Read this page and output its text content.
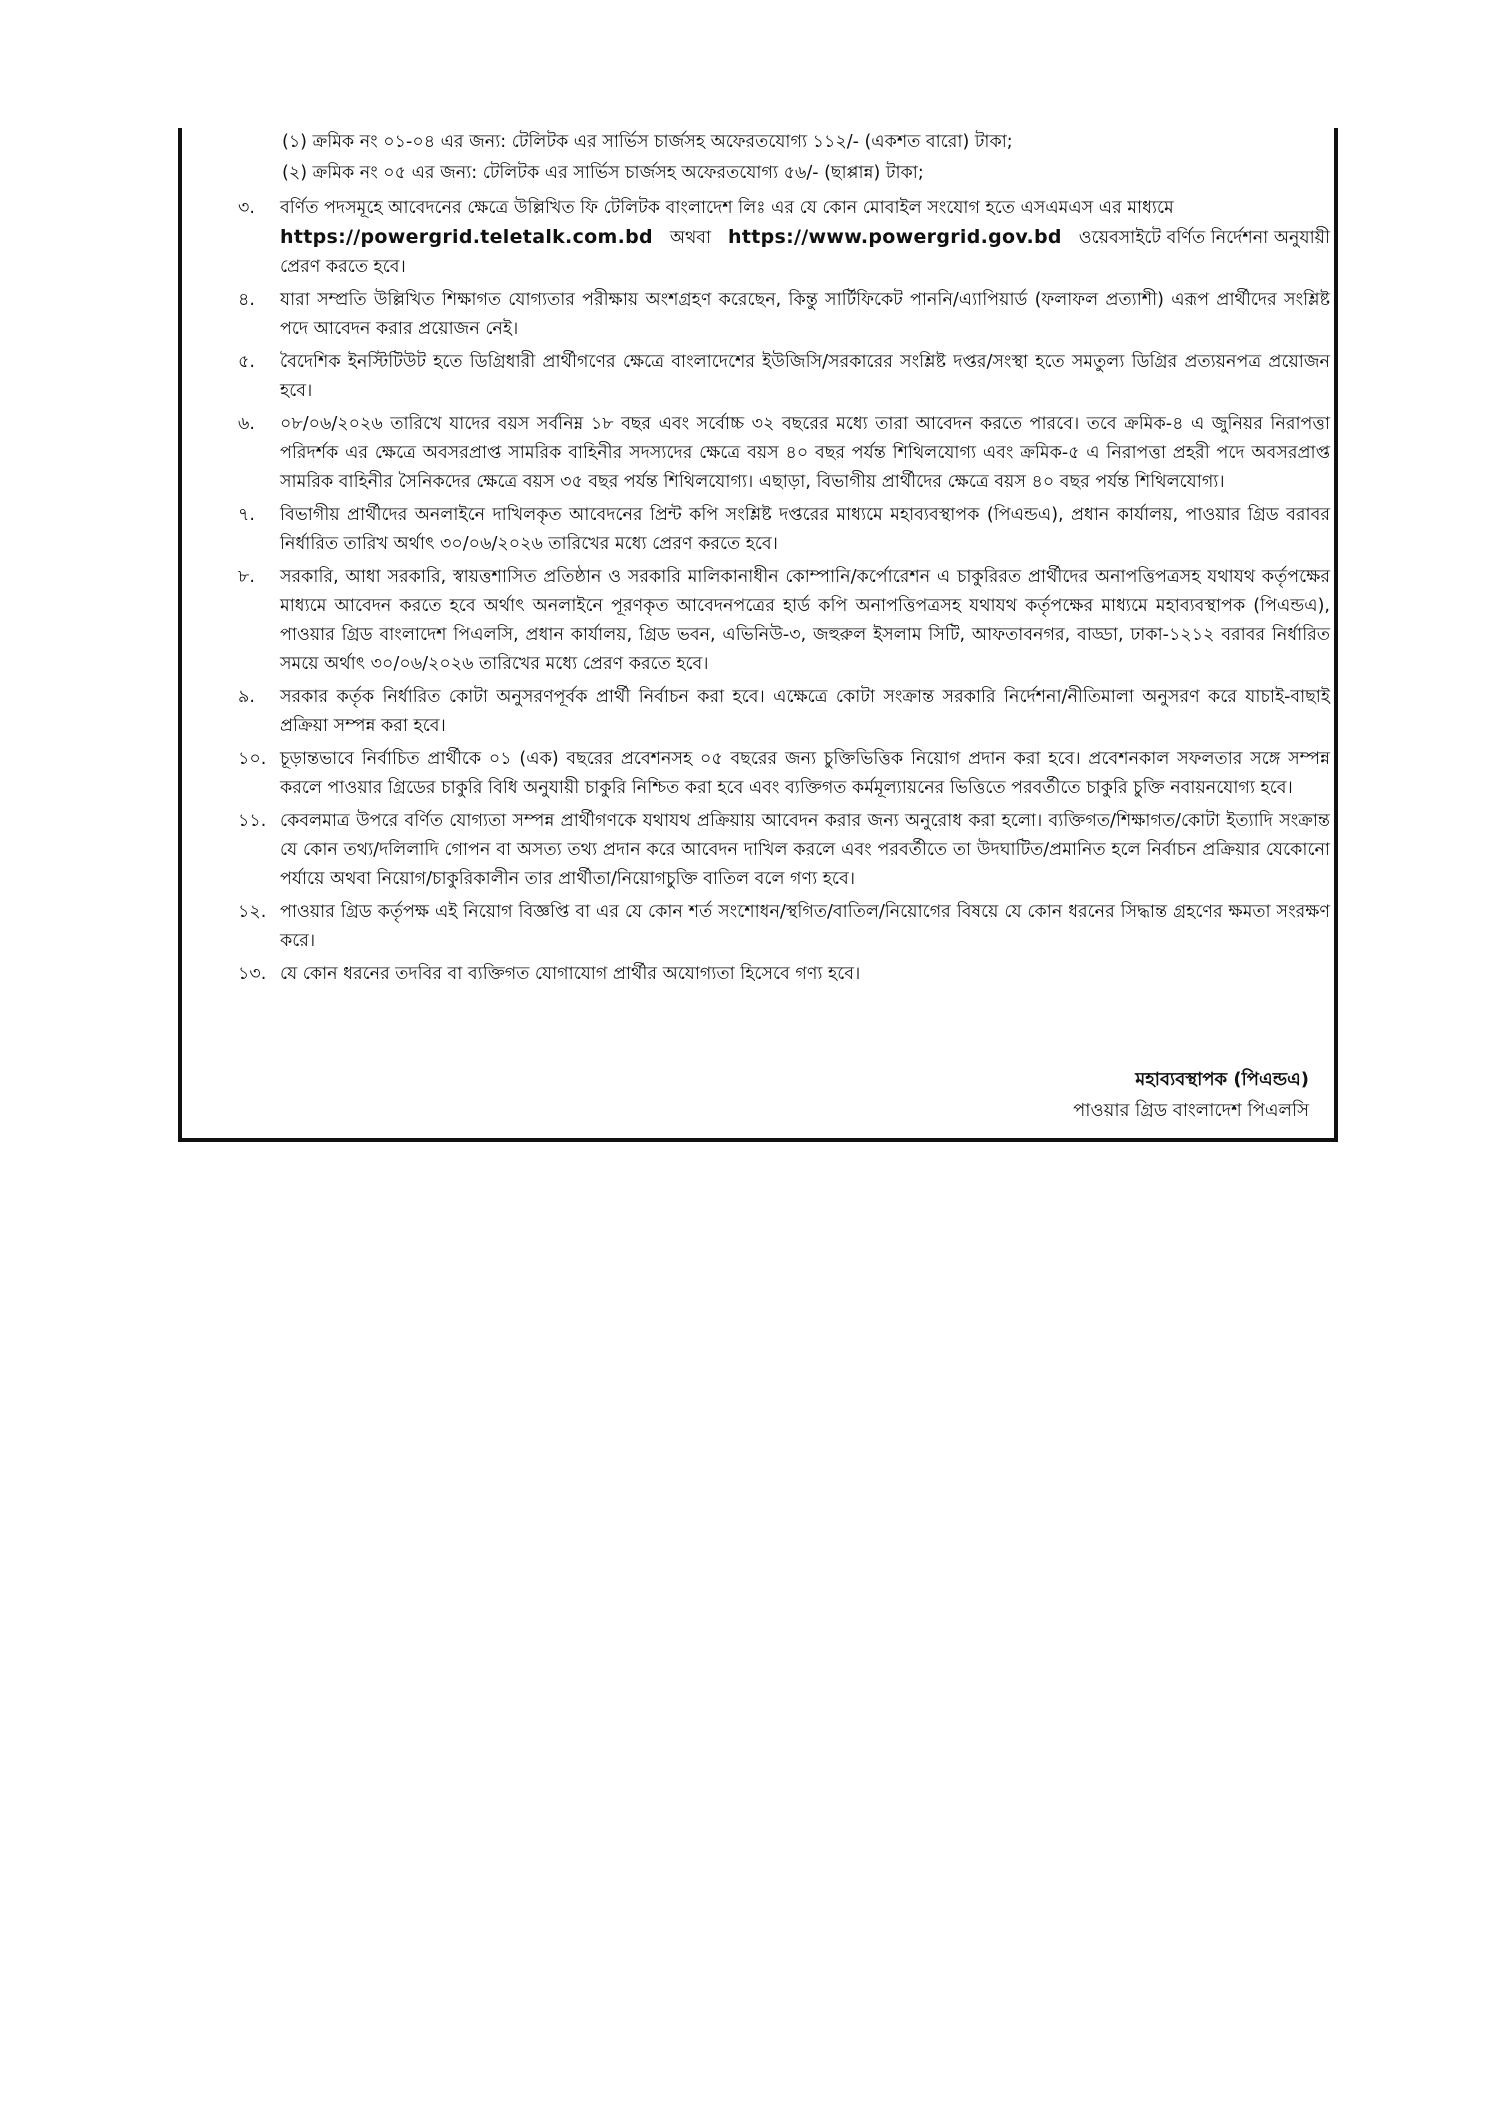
(১) ক্রমিক নং ০১-০৪ এর জন্য: টেলিটক এর সার্ভিস চার্জসহ অফেরতযোগ্য ১১২/- (একশত বারো) টাকা;
(২) ক্রমিক নং ০৫ এর জন্য: টেলিটক এর সার্ভিস চার্জসহ অফেরতযোগ্য ৫৬/- (ছাপ্পান্ন) টাকা;
৩.	বর্ণিত পদসমূহে আবেদনের ক্ষেত্রে উল্লিখিত ফি টেলিটক বাংলাদেশ লিঃ এর যে কোন মোবাইল সংযোগ হতে এসএমএস এর মাধ্যমে
https://powergrid.teletalk.com.bd অথবা https://www.powergrid.gov.bd ওয়েবসাইটে বর্ণিত নির্দেশনা অনুযায়ী প্রেরণ করতে হবে।
৪.	যারা সম্প্রতি উল্লিখিত শিক্ষাগত যোগ্যতার পরীক্ষায় অংশগ্রহণ করেছেন, কিন্তু সার্টিফিকেট পাননি/এ্যাপিয়ার্ড (ফলাফল প্রত্যাশী) এরূপ প্রার্থীদের সংশ্লিষ্ট পদে আবেদন করার প্রয়োজন নেই।
৫.	বৈদেশিক ইনস্টিটিউট হতে ডিগ্রিধারী প্রার্থীগণের ক্ষেত্রে বাংলাদেশের ইউজিসি/সরকারের সংশ্লিষ্ট দপ্তর/সংস্থা হতে সমতুল্য ডিগ্রির প্রত্যয়নপত্র প্রয়োজন হবে।
৬.	০৮/০৬/২০২৬ তারিখে যাদের বয়স সর্বনিম্ন ১৮ বছর এবং সর্বোচ্চ ৩২ বছরের মধ্যে তারা আবেদন করতে পারবে। তবে ক্রমিক-৪ এ জুনিয়র নিরাপত্তা পরিদর্শক এর ক্ষেত্রে অবসরপ্রাপ্ত সামরিক বাহিনীর সদস্যদের ক্ষেত্রে বয়স ৪০ বছর পর্যন্ত শিথিলযোগ্য এবং ক্রমিক-৫ এ নিরাপত্তা প্রহরী পদে অবসরপ্রাপ্ত সামরিক বাহিনীর সৈনিকদের ক্ষেত্রে বয়স ৩৫ বছর পর্যন্ত শিথিলযোগ্য। এছাড়া, বিভাগীয় প্রার্থীদের ক্ষেত্রে বয়স ৪০ বছর পর্যন্ত শিথিলযোগ্য।
৭.	বিভাগীয় প্রার্থীদের অনলাইনে দাখিলকৃত আবেদনের প্রিন্ট কপি সংশ্লিষ্ট দপ্তরের মাধ্যমে মহাব্যবস্থাপক (পিএন্ডএ), প্রধান কার্যালয়, পাওয়ার গ্রিড বরাবর নির্ধারিত তারিখ অর্থাৎ ৩০/০৬/২০২৬ তারিখের মধ্যে প্রেরণ করতে হবে।
৮.	সরকারি, আধা সরকারি, স্বায়ত্তশাসিত প্রতিষ্ঠান ও সরকারি মালিকানাধীন কোম্পানি/কর্পোরেশন এ চাকুরিরত প্রার্থীদের অনাপত্তিপত্রসহ যথাযথ কর্তৃপক্ষের মাধ্যমে আবেদন করতে হবে অর্থাৎ অনলাইনে পূরণকৃত আবেদনপত্রের হার্ড কপি অনাপত্তিপত্রসহ যথাযথ কর্তৃপক্ষের মাধ্যমে মহাব্যবস্থাপক (পিএন্ডএ), পাওয়ার গ্রিড বাংলাদেশ পিএলসি, প্রধান কার্যালয়, গ্রিড ভবন, এভিনিউ-৩, জহুরুল ইসলাম সিটি, আফতাবনগর, বাড্ডা, ঢাকা-১২১২ বরাবর নির্ধারিত সময়ে অর্থাৎ ৩০/০৬/২০২৬ তারিখের মধ্যে প্রেরণ করতে হবে।
৯.	সরকার কর্তৃক নির্ধারিত কোটা অনুসরণপূর্বক প্রার্থী নির্বাচন করা হবে। এক্ষেত্রে কোটা সংক্রান্ত সরকারি নির্দেশনা/নীতিমালা অনুসরণ করে যাচাই-বাছাই প্রক্রিয়া সম্পন্ন করা হবে।
১০. চূড়ান্তভাবে নির্বাচিত প্রার্থীকে ০১ (এক) বছরের প্রবেশনসহ ০৫ বছরের জন্য চুক্তিভিত্তিক নিয়োগ প্রদান করা হবে। প্রবেশনকাল সফলতার সঙ্গে সম্পন্ন করলে পাওয়ার গ্রিডের চাকুরি বিধি অনুযায়ী চাকুরি নিশ্চিত করা হবে এবং ব্যক্তিগত কর্মমূল্যায়নের ভিত্তিতে পরবর্তীতে চাকুরি চুক্তি নবায়নযোগ্য হবে।
১১. কেবলমাত্র উপরে বর্ণিত যোগ্যতা সম্পন্ন প্রার্থীগণকে যথাযথ প্রক্রিয়ায় আবেদন করার জন্য অনুরোধ করা হলো। ব্যক্তিগত/শিক্ষাগত/কোটা ইত্যাদি সংক্রান্ত যে কোন তথ্য/দলিলাদি গোপন বা অসত্য তথ্য প্রদান করে আবেদন দাখিল করলে এবং পরবর্তীতে তা উদঘাটিত/প্রমানিত হলে নির্বাচন প্রক্রিয়ার যেকোনো পর্যায়ে অথবা নিয়োগ/চাকুরিকালীন তার প্রার্থীতা/নিয়োগচুক্তি বাতিল বলে গণ্য হবে।
১২. পাওয়ার গ্রিড কর্তৃপক্ষ এই নিয়োগ বিজ্ঞপ্তি বা এর যে কোন শর্ত সংশোধন/স্থগিত/বাতিল/নিয়োগের বিষয়ে যে কোন ধরনের সিদ্ধান্ত গ্রহণের ক্ষমতা সংরক্ষণ করে।
১৩. যে কোন ধরনের তদবির বা ব্যক্তিগত যোগাযোগ প্রার্থীর অযোগ্যতা হিসেবে গণ্য হবে।
মহাব্যবস্থাপক (পিএন্ডএ)
পাওয়ার গ্রিড বাংলাদেশ পিএলসি
